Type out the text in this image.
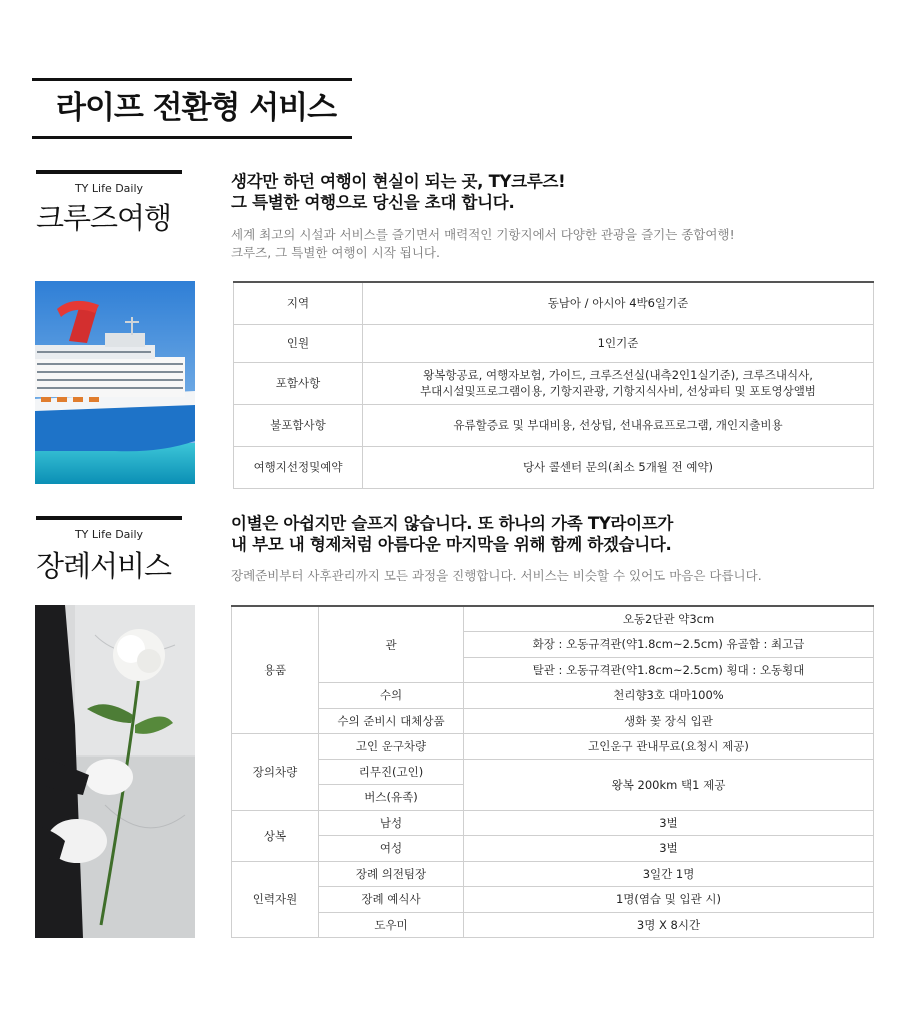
라이프 전환형 서비스
TY Life Daily
크루즈여행
생각만 하던 여행이 현실이 되는 곳, TY크루즈!
그 특별한 여행으로 당신을 초대 합니다.
세계 최고의 시설과 서비스를 즐기면서 매력적인 기항지에서 다양한 관광을 즐기는 종합여행!
크루즈, 그 특별한 여행이 시작 됩니다.
지역	동남아 / 아시아 4박6일기준
인원	1인기준
포함사항	왕복항공료, 여행자보험, 가이드, 크루즈선실(내측2인1실기준), 크루즈내식사,
부대시설및프로그램이용, 기항지관광, 기항지식사비, 선상파티 및 포토영상앨범

불포함사항	유류할증료 및 부대비용, 선상팁, 선내유료프로그램, 개인지출비용
여행지선정및예약	당사 콜센터 문의(최소 5개월 전 예약)
TY Life Daily
장례서비스
이별은 아쉽지만 슬프지 않습니다. 또 하나의 가족 TY라이프가
내 부모 내 형제처럼 아름다운 마지막을 위해 함께 하겠습니다.
장례준비부터 사후관리까지 모든 과정을 진행합니다. 서비스는 비슷할 수 있어도 마음은 다릅니다.
용품	관	오동2단관 약3cm
		화장 : 오동규격관(약1.8cm~2.5cm) 유골함 : 최고급
		탈관 : 오동규격관(약1.8cm~2.5cm) 횡대 : 오동횡대
	수의	천리향3호 대마100%
	수의 준비시 대체상품	생화 꽃 장식 입관
장의차량	고인 운구차량	고인운구 관내무료(요청시 제공)
	리무진(고인)	왕복 200km 택1 제공
	버스(유족)	
상복	남성	3벌
	여성	3벌
인력자원	장례 의전팀장	3일간 1명
	장례 예식사	1명(염습 및 입관 시)
	도우미	3명 X 8시간
